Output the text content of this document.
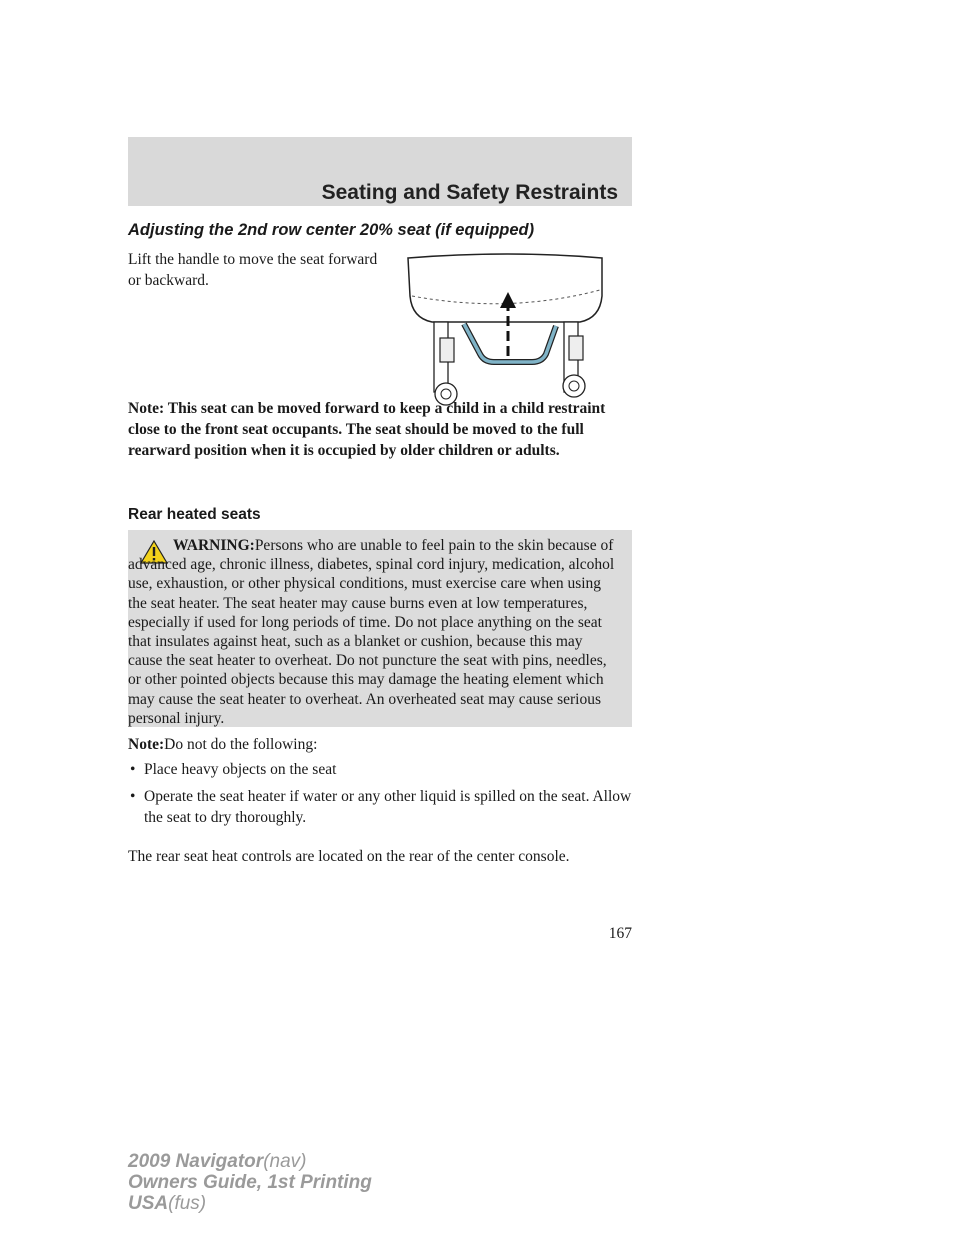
Seating and Safety Restraints
Adjusting the 2nd row center 20% seat (if equipped)

Lift the handle to move the seat forward or backward.

Note: This seat can be moved forward to keep a child in a child restraint close to the front seat occupants. The seat should be moved to the full rearward position when it is occupied by older children or adults.

Rear heated seats

WARNING:Persons who are unable to feel pain to the skin because of advanced age, chronic illness, diabetes, spinal cord injury, medication, alcohol use, exhaustion, or other physical conditions, must exercise care when using the seat heater. The seat heater may cause burns even at low temperatures, especially if used for long periods of time. Do not place anything on the seat that insulates against heat, such as a blanket or cushion, because this may cause the seat heater to overheat. Do not puncture the seat with pins, needles, or other pointed objects because this may damage the heating element which may cause the seat heater to overheat. An overheated seat may cause serious personal injury.

Note:Do not do the following:

• Place heavy objects on the seat
• Operate the seat heater if water or any other liquid is spilled on the seat. Allow the seat to dry thoroughly.

The rear seat heat controls are located on the rear of the center console.

167

2009 Navigator(nav)
Owners Guide, 1st Printing
USA(fus)
